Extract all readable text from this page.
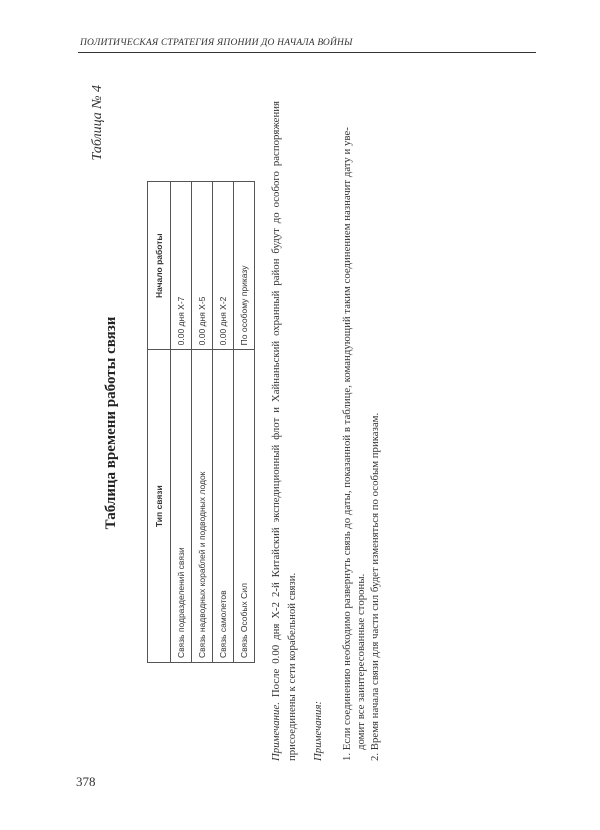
ПОЛИТИЧЕСКАЯ СТРАТЕГИЯ ЯПОНИИ ДО НАЧАЛА ВОЙНЫ
Таблица № 4
Таблица времени работы связи	Тип связи	Начало работы
Связь подразделений связи	0.00 дня Х-7
Связь надводных кораблей и подводных лодок	0.00 дня Х-5
Связь самолетов	0.00 дня Х-2
Связь Особых Сил	По особому приказу
Примечание. После 0.00 дня Х-2 2-й Китайский экспедиционный флот и Хайнаньский охранный район будут до особого распоряжения присоединены к сети корабельной связи. Примечания: 1. Если соединению необходимо развернуть связь до даты, показанной в таблице, командующий таким соединением назначит дату и уве- домит все заинтересованные стороны. 2. Время начала связи для части сил будет изменяться по особым приказам.
378
